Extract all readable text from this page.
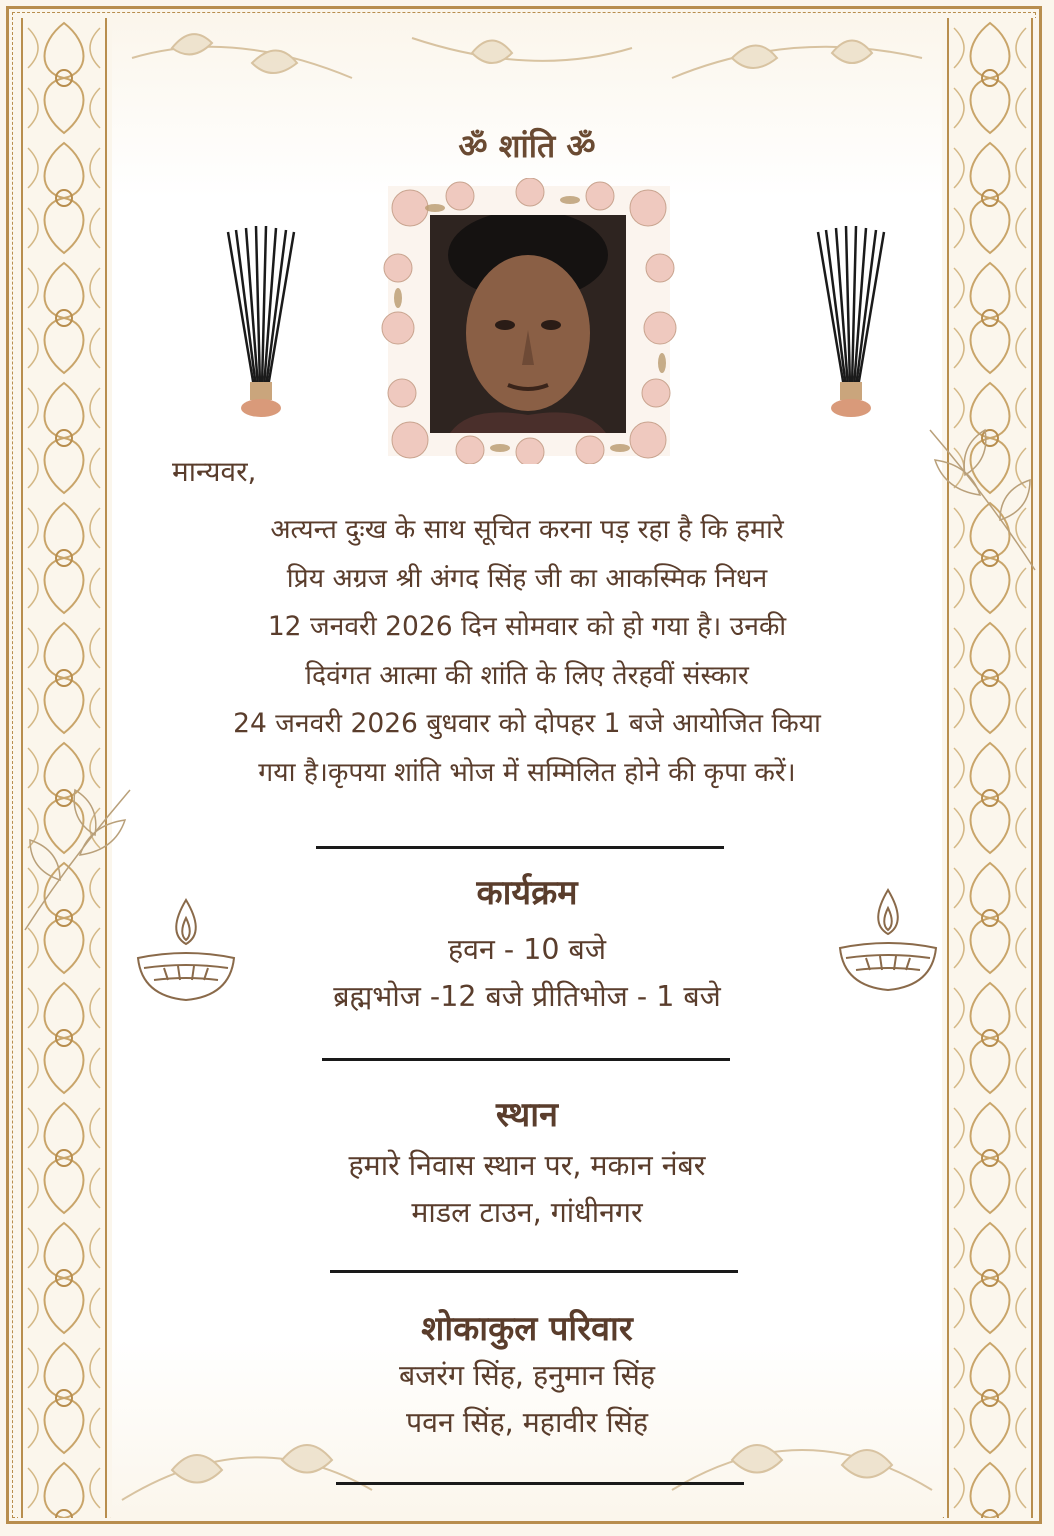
ॐ शांति ॐ
मान्यवर,
अत्यन्त दुःख के साथ सूचित करना पड़ रहा है कि हमारे
प्रिय अग्रज श्री अंगद सिंह जी का आकस्मिक निधन
12 जनवरी 2026 दिन सोमवार को हो गया है। उनकी
दिवंगत आत्मा की शांति के लिए तेरहवीं संस्कार
24 जनवरी 2026 बुधवार को दोपहर 1 बजे आयोजित किया
गया है।कृपया शांति भोज में सम्मिलित होने की कृपा करें।
कार्यक्रम
हवन - 10 बजे
ब्रह्मभोज -12 बजे प्रीतिभोज - 1 बजे
स्थान
हमारे निवास स्थान पर, मकान नंबर
माडल टाउन, गांधीनगर
शोकाकुल परिवार
बजरंग सिंह, हनुमान सिंह
पवन सिंह, महावीर सिंह
